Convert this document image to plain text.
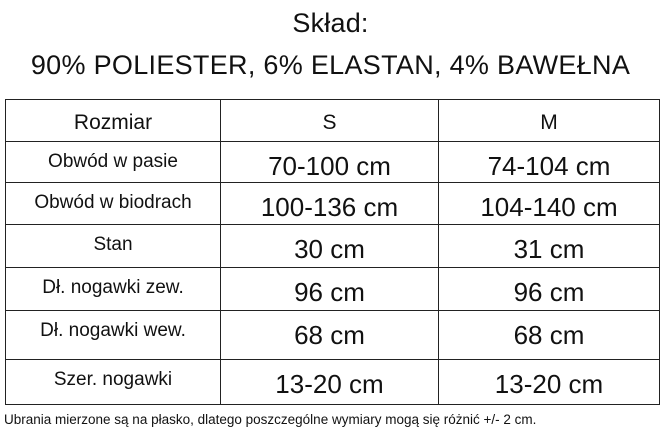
Skład:
90% POLIESTER, 6% ELASTAN, 4% BAWEŁNA
Rozmiar	S	M
Obwód w pasie	70-100 cm	74-104 cm
Obwód w biodrach	100-136 cm	104-140 cm
Stan	30 cm	31 cm
Dł. nogawki zew.	96 cm	96 cm
Dł. nogawki wew.	68 cm	68 cm
Szer. nogawki	13-20 cm	13-20 cm
Ubrania mierzone są na płasko, dlatego poszczególne wymiary mogą się różnić +/- 2 cm.
